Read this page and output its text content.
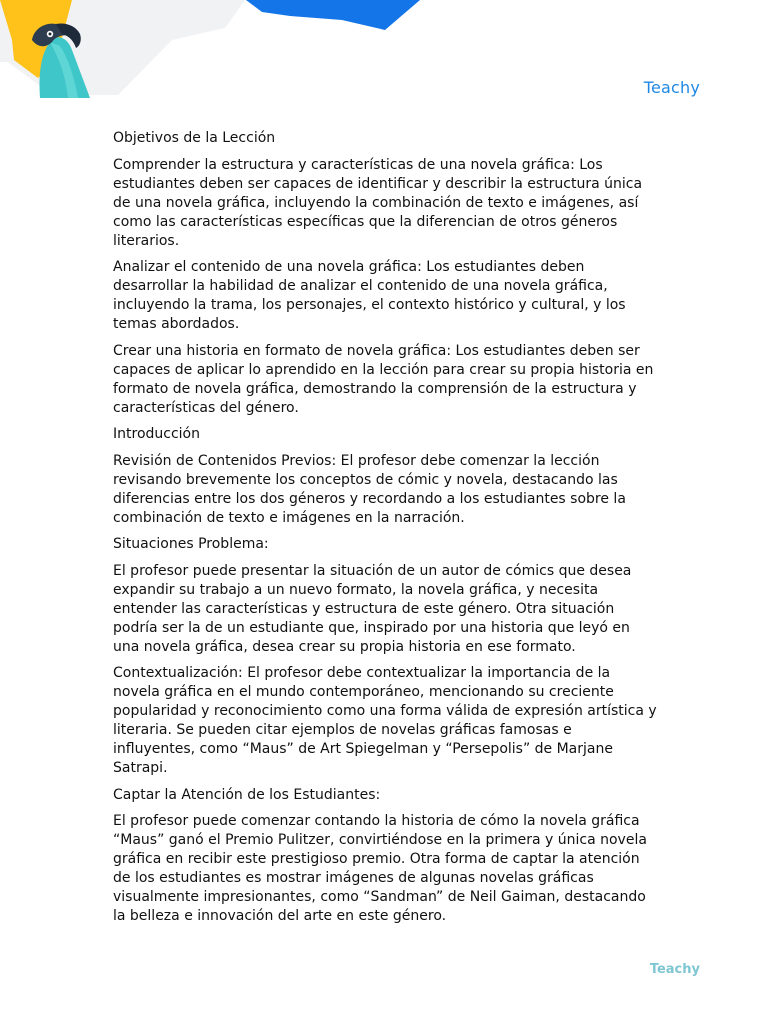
Teachy

Objetivos de la Lección

Comprender la estructura y características de una novela gráfica: Los estudiantes deben ser capaces de identificar y describir la estructura única de una novela gráfica, incluyendo la combinación de texto e imágenes, así como las características específicas que la diferencian de otros géneros literarios.

Analizar el contenido de una novela gráfica: Los estudiantes deben desarrollar la habilidad de analizar el contenido de una novela gráfica, incluyendo la trama, los personajes, el contexto histórico y cultural, y los temas abordados.

Crear una historia en formato de novela gráfica: Los estudiantes deben ser capaces de aplicar lo aprendido en la lección para crear su propia historia en formato de novela gráfica, demostrando la comprensión de la estructura y características del género.

Introducción

Revisión de Contenidos Previos: El profesor debe comenzar la lección revisando brevemente los conceptos de cómic y novela, destacando las diferencias entre los dos géneros y recordando a los estudiantes sobre la combinación de texto e imágenes en la narración.

Situaciones Problema:

El profesor puede presentar la situación de un autor de cómics que desea expandir su trabajo a un nuevo formato, la novela gráfica, y necesita entender las características y estructura de este género. Otra situación podría ser la de un estudiante que, inspirado por una historia que leyó en una novela gráfica, desea crear su propia historia en ese formato.

Contextualización: El profesor debe contextualizar la importancia de la novela gráfica en el mundo contemporáneo, mencionando su creciente popularidad y reconocimiento como una forma válida de expresión artística y literaria. Se pueden citar ejemplos de novelas gráficas famosas e influyentes, como “Maus” de Art Spiegelman y “Persepolis” de Marjane Satrapi.

Captar la Atención de los Estudiantes:

El profesor puede comenzar contando la historia de cómo la novela gráfica “Maus” ganó el Premio Pulitzer, convirtiéndose en la primera y única novela gráfica en recibir este prestigioso premio. Otra forma de captar la atención de los estudiantes es mostrar imágenes de algunas novelas gráficas visualmente impresionantes, como “Sandman” de Neil Gaiman, destacando la belleza e innovación del arte en este género.

Teachy
